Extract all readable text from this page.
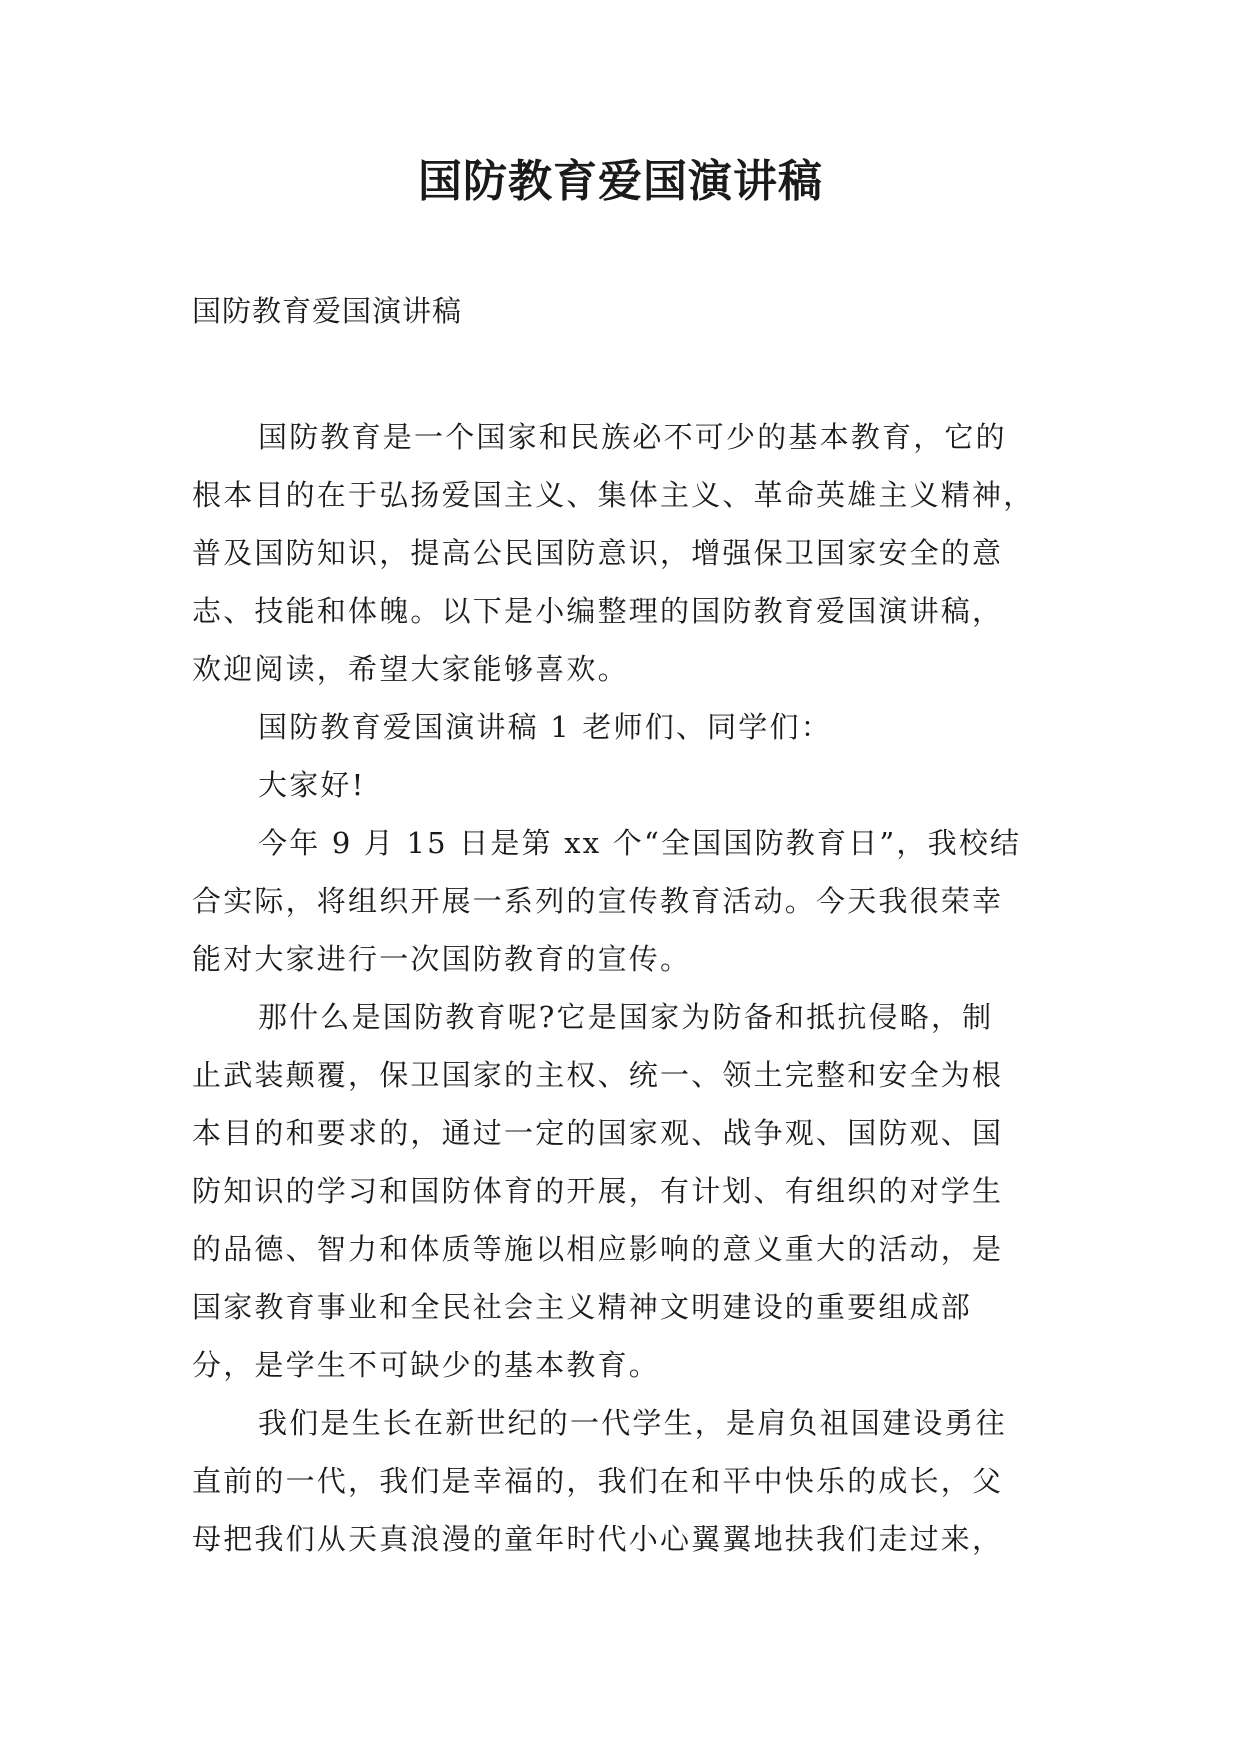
国防教育爱国演讲稿
国防教育爱国演讲稿
国防教育是一个国家和民族必不可少的基本教育，它的
根本目的在于弘扬爱国主义、集体主义、革命英雄主义精神，
普及国防知识，提高公民国防意识，增强保卫国家安全的意
志、技能和体魄。以下是小编整理的国防教育爱国演讲稿，
欢迎阅读，希望大家能够喜欢。
国防教育爱国演讲稿 1 老师们、同学们：
大家好!
今年 9 月 15 日是第 xx 个“全国国防教育日”，我校结
合实际，将组织开展一系列的宣传教育活动。今天我很荣幸
能对大家进行一次国防教育的宣传。
那什么是国防教育呢?它是国家为防备和抵抗侵略，制
止武装颠覆，保卫国家的主权、统一、领土完整和安全为根
本目的和要求的，通过一定的国家观、战争观、国防观、国
防知识的学习和国防体育的开展，有计划、有组织的对学生
的品德、智力和体质等施以相应影响的意义重大的活动，是
国家教育事业和全民社会主义精神文明建设的重要组成部
分，是学生不可缺少的基本教育。
我们是生长在新世纪的一代学生，是肩负祖国建设勇往
直前的一代，我们是幸福的，我们在和平中快乐的成长，父
母把我们从天真浪漫的童年时代小心翼翼地扶我们走过来，
